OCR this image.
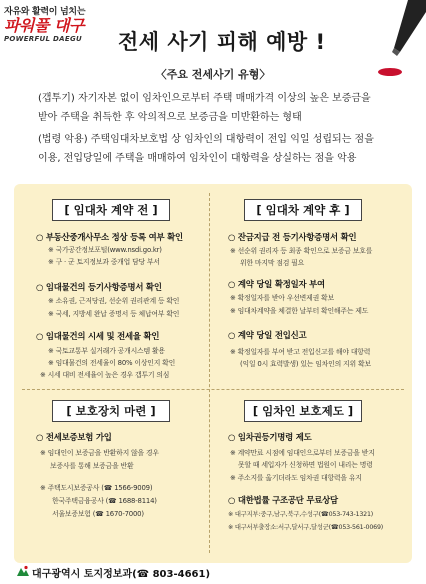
자유와 활력이 넘치는
파워풀 대구
POWERFUL DAEGU	전세 사기 피해 예방 !
〈주요 전세사기 유형〉
(갭투기) 자기자본 없이 임차인으로부터 주택 매매가격 이상의 높은 보증금을
받아 주택을 취득한 후 악의적으로 보증금을 미반환하는 형태
(법령 악용) 주택임대차보호법 상 임차인의 대항력이 전입 익일 성립되는 점을
이용, 전입당일에 주택을 매매하여 임차인이 대항력을 상실하는 점을 악용
[ 임대차 계약 전 ]
○ 부동산중개사무소 정상 등록 여부 확인
※ 국가공간정보포털(www.nsdi.go.kr)
※ 구 · 군 토지정보과 중개업 담당 부서
○ 임대물건의 등기사항증명서 확인
※ 소유권, 근저당권, 선순위 권리관계 등 확인
※ 국세, 지방세 완납 증명서 등 체납여부 확인
○ 임대물건의 시세 및 전세율 확인
※ 국토교통부 실거래가 공개시스템 활용
※ 임대물건의 전세율이 80% 이상인지 확인
※ 시세 대비 전세율이 높은 경우 갭투기 의심
[ 임대차 계약 후 ]
○ 잔금지급 전 등기사항증명서 확인
※ 선순위 권리자 등 최종 확인으로 보증금 보호를
위한 마지막 점검 필요
○ 계약 당일 확정일자 부여
※ 확정일자를 받아 우선변제권 확보
※ 임대차계약을 체결한 날부터 확인해주는 제도
○ 계약 당일 전입신고
※ 확정일자를 부여 받고 전입신고를 해야 대항력
(익일 0시 효력발생) 있는 임차인의 지위 확보
[ 보호장치 마련 ]
○ 전세보증보험 가입
※ 임대인이 보증금을 반환하지 않을 경우
보증사를 통해 보증금을 반환
※ 주택도시보증공사 (☎ 1566-9009)
한국주택금융공사 (☎ 1688-8114)
서울보증보험 (☎ 1670-7000)
[ 임차인 보호제도 ]
○ 임차권등기명령 제도
※ 계약만료 시점에 임대인으로부터 보증금을 받지
못할 때 세입자가 신청하면 법원이 내리는 명령
※ 주소지를 옮기더라도 임차권 대항력을 유지
○ 대한법률 구조공단 무료상담
※ 대구지부:중구,남구,북구,수성구(☎053-743-1321)
※ 대구서부출장소:서구,달서구,달성군(☎053-561-0069)
대구광역시 토지정보과(☎ 803-4661)
